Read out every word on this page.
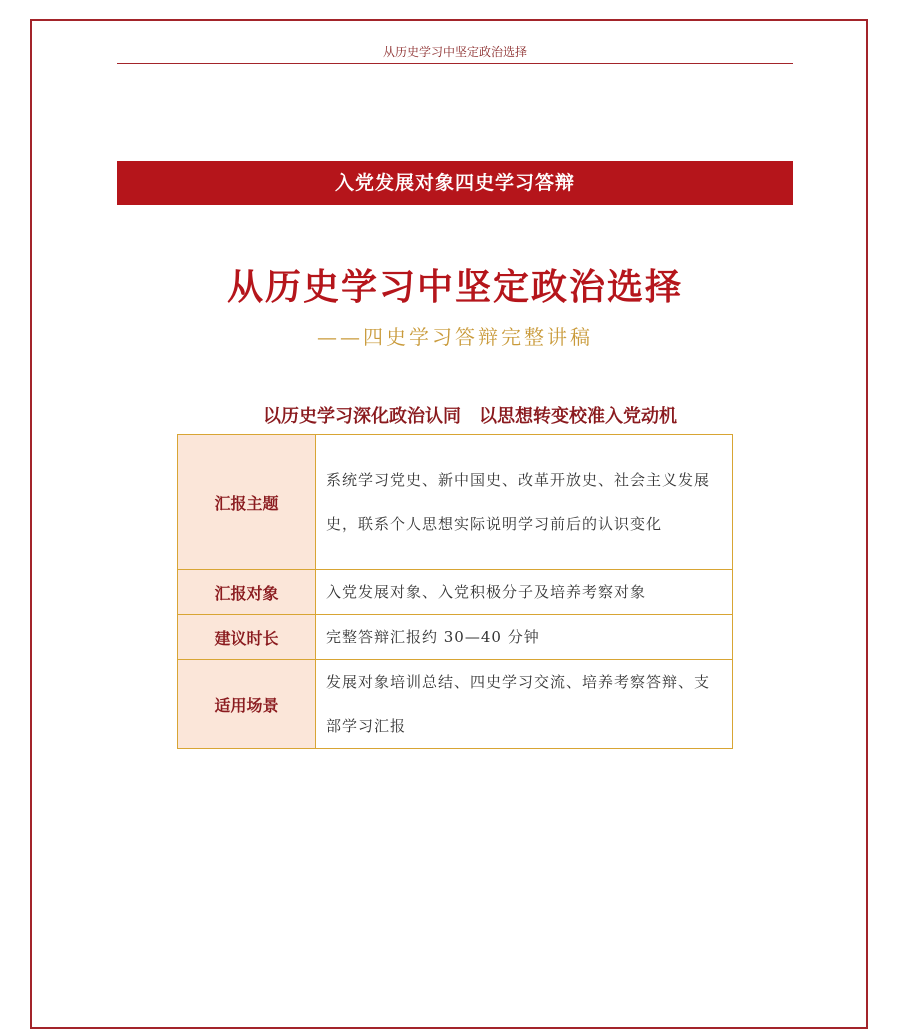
从历史学习中坚定政治选择
入党发展对象四史学习答辩
从历史学习中坚定政治选择
——四史学习答辩完整讲稿
以历史学习深化政治认同　以思想转变校准入党动机
汇报主题	系统学习党史、新中国史、改革开放史、社会主义发展史，联系个人思想实际说明学习前后的认识变化
汇报对象	入党发展对象、入党积极分子及培养考察对象
建议时长	完整答辩汇报约 30—40 分钟
适用场景	发展对象培训总结、四史学习交流、培养考察答辩、支部学习汇报
